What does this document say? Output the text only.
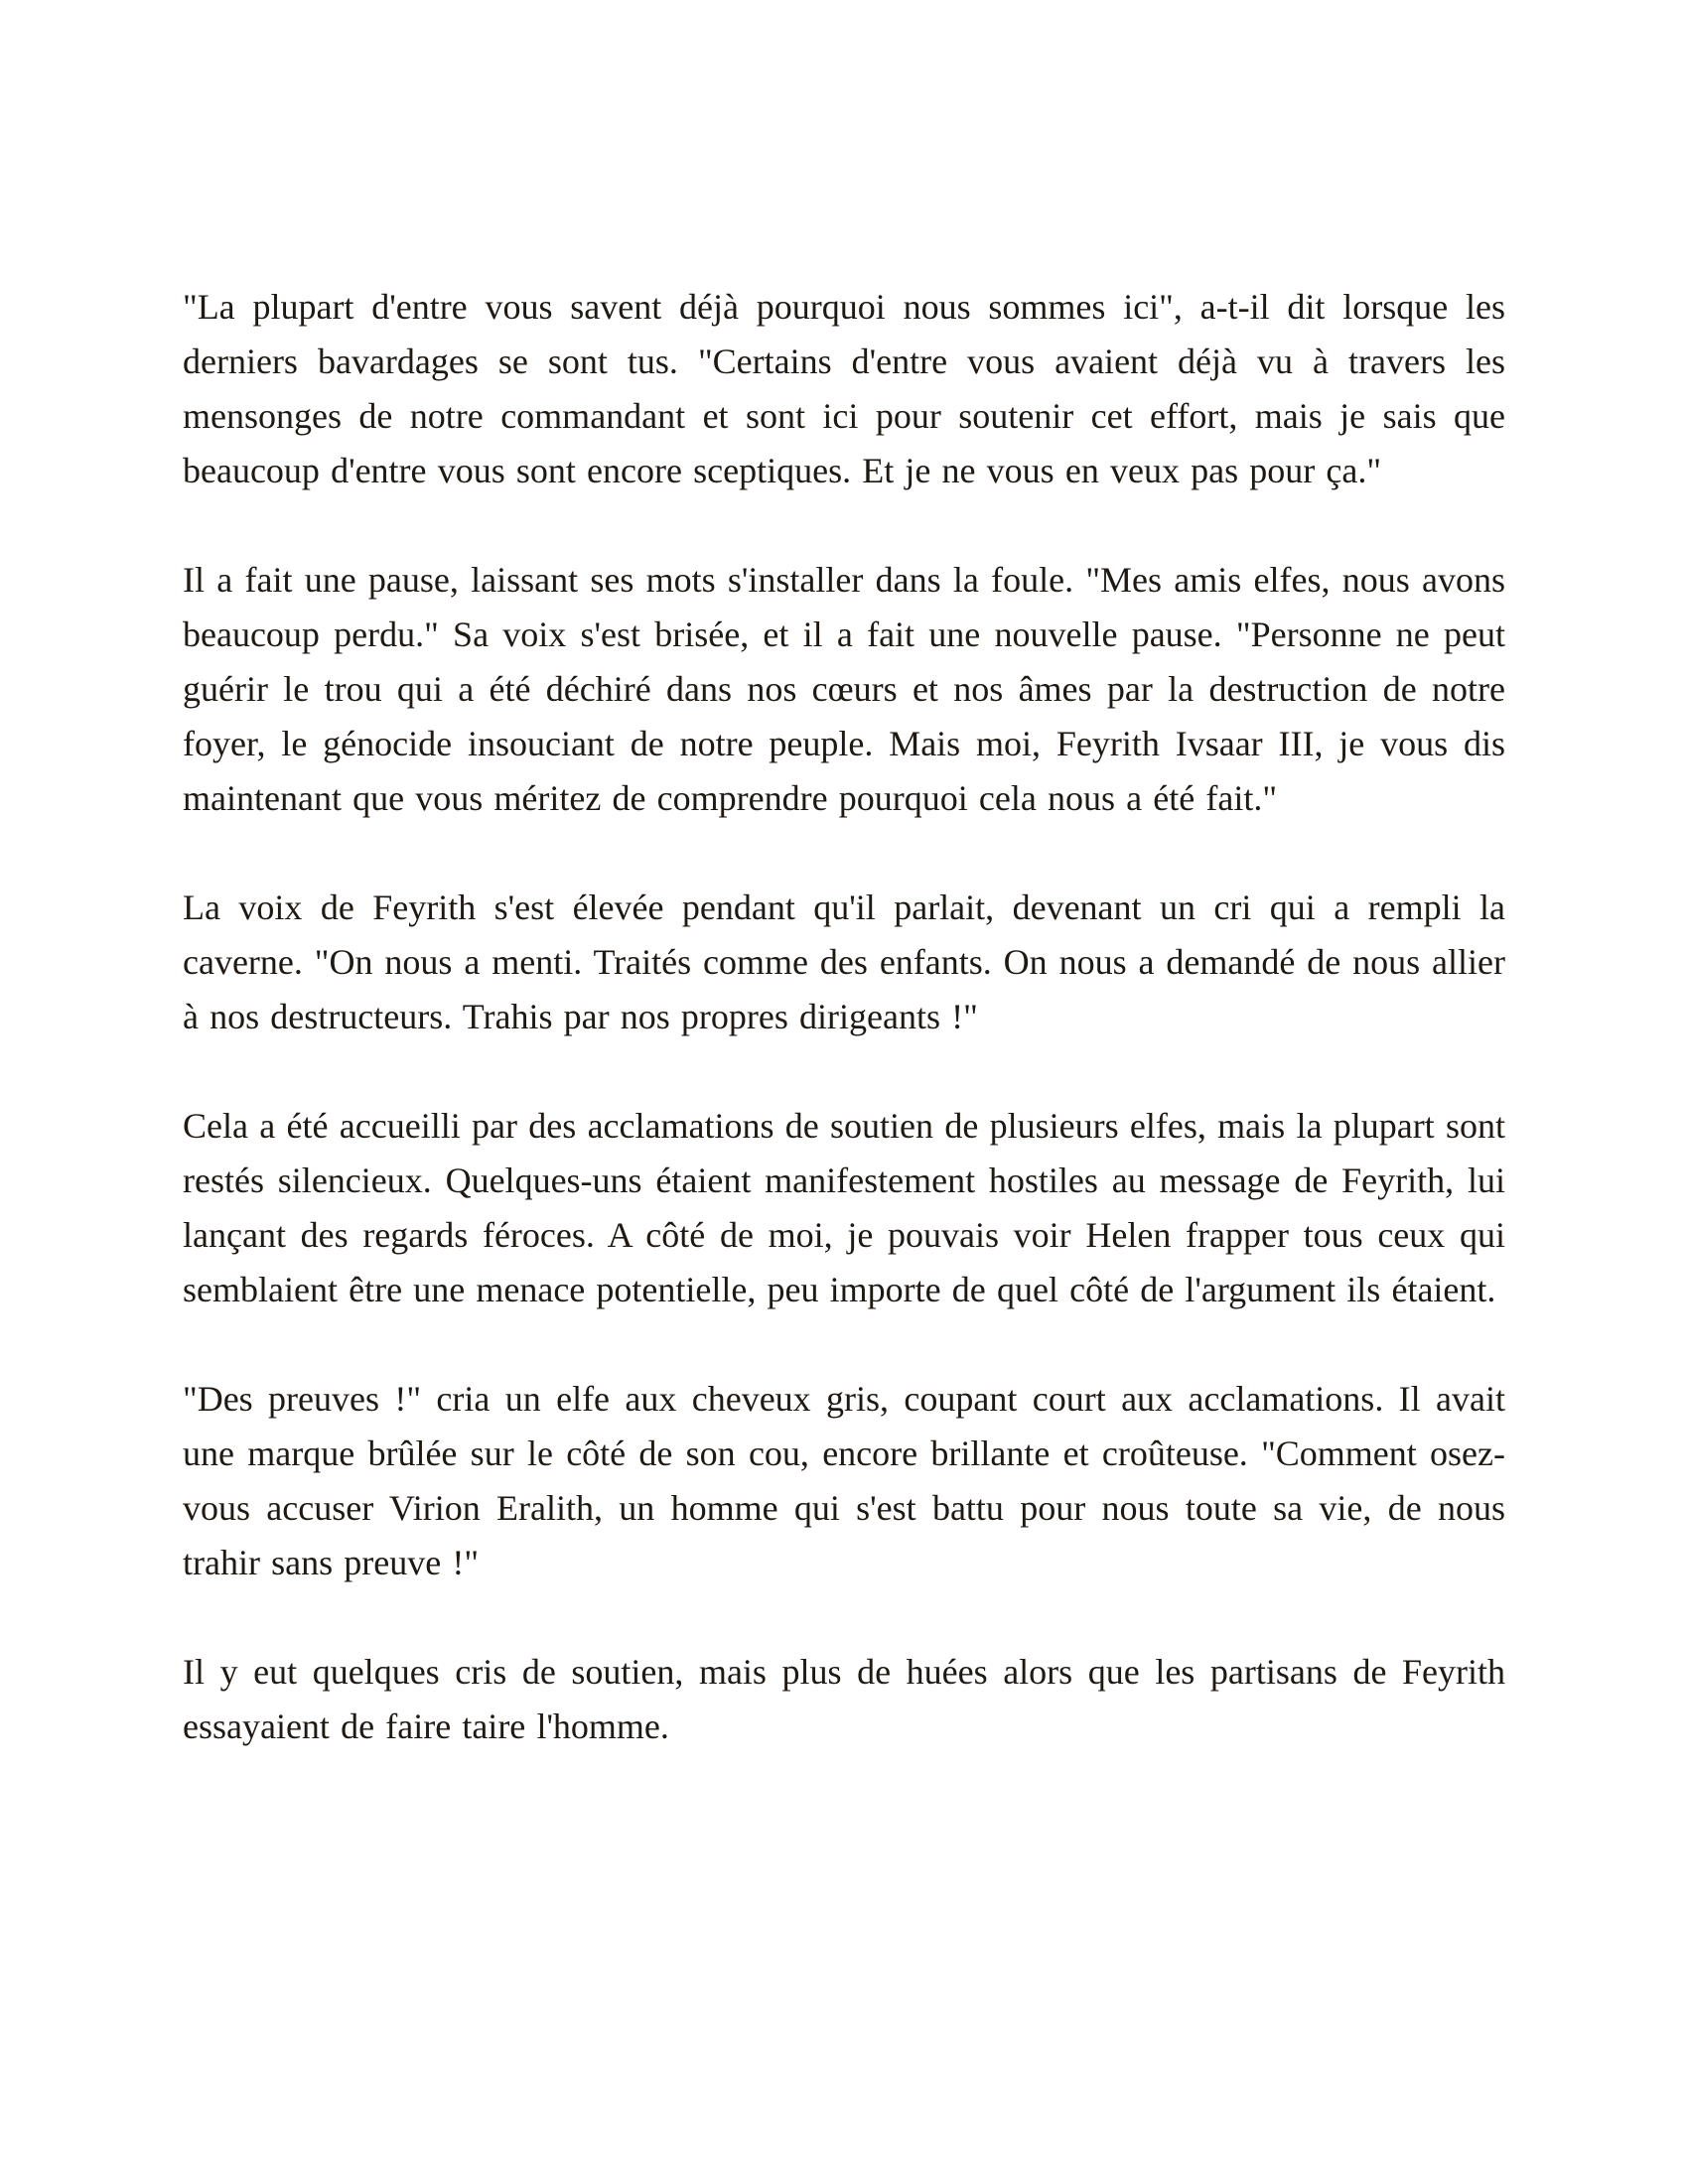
"La plupart d'entre vous savent déjà pourquoi nous sommes ici", a-t-il dit lorsque les derniers bavardages se sont tus. "Certains d'entre vous avaient déjà vu à travers les mensonges de notre commandant et sont ici pour soutenir cet effort, mais je sais que beaucoup d'entre vous sont encore sceptiques. Et je ne vous en veux pas pour ça."

Il a fait une pause, laissant ses mots s'installer dans la foule. "Mes amis elfes, nous avons beaucoup perdu." Sa voix s'est brisée, et il a fait une nouvelle pause. "Personne ne peut guérir le trou qui a été déchiré dans nos cœurs et nos âmes par la destruction de notre foyer, le génocide insouciant de notre peuple. Mais moi, Feyrith Ivsaar III, je vous dis maintenant que vous méritez de comprendre pourquoi cela nous a été fait."

La voix de Feyrith s'est élevée pendant qu'il parlait, devenant un cri qui a rempli la caverne. "On nous a menti. Traités comme des enfants. On nous a demandé de nous allier à nos destructeurs. Trahis par nos propres dirigeants !"

Cela a été accueilli par des acclamations de soutien de plusieurs elfes, mais la plupart sont restés silencieux. Quelques-uns étaient manifestement hostiles au message de Feyrith, lui lançant des regards féroces. A côté de moi, je pouvais voir Helen frapper tous ceux qui semblaient être une menace potentielle, peu importe de quel côté de l'argument ils étaient.

"Des preuves !" cria un elfe aux cheveux gris, coupant court aux acclamations. Il avait une marque brûlée sur le côté de son cou, encore brillante et croûteuse. "Comment osez-vous accuser Virion Eralith, un homme qui s'est battu pour nous toute sa vie, de nous trahir sans preuve !"

Il y eut quelques cris de soutien, mais plus de huées alors que les partisans de Feyrith essayaient de faire taire l'homme.
